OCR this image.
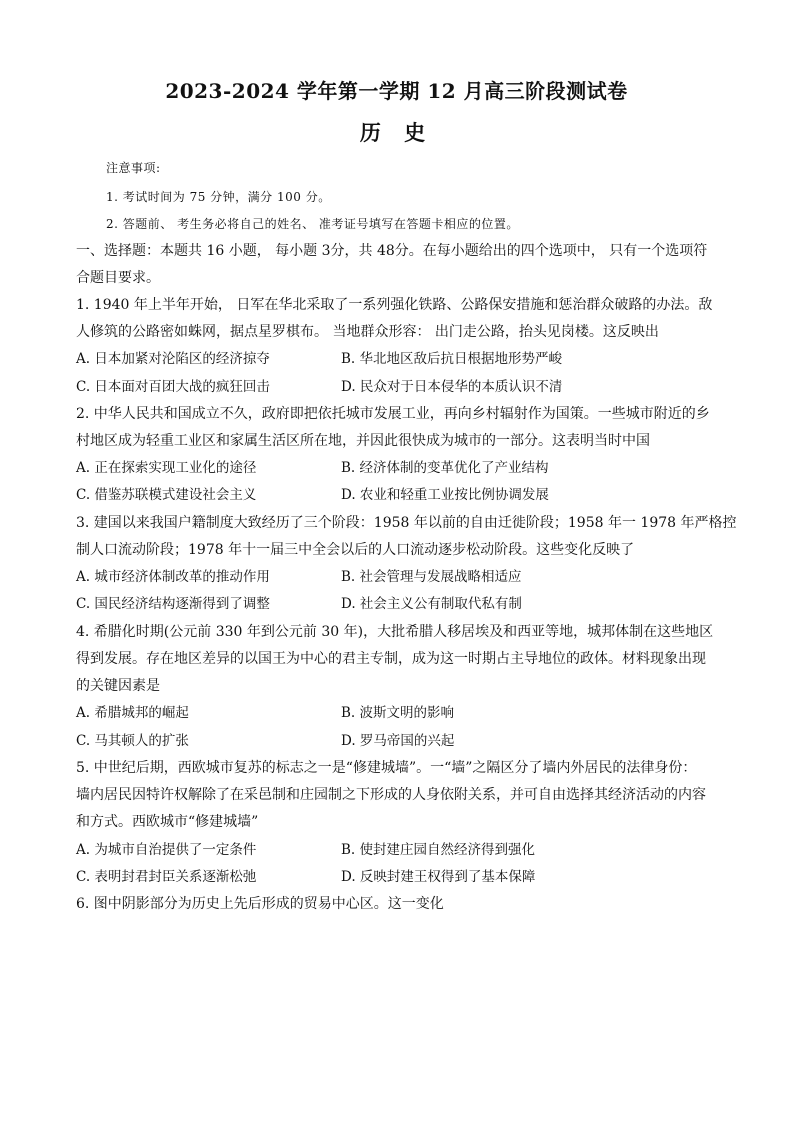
2023-2024 学年第一学期 12 月高三阶段测试卷
历 史
注意事项:
1. 考试时间为 75 分钟，满分 100 分。
2. 答题前、 考生务必将自己的姓名、 准考证号填写在答题卡相应的位置。
一、选择题：本题共 16 小题， 每小题 3分，共 48分。在每小题给出的四个选项中， 只有一个选项符
合题目要求。
1. 1940 年上半年开始， 日军在华北采取了一系列强化铁路、公路保安措施和惩治群众破路的办法。敌
人修筑的公路密如蛛网，据点星罗棋布。 当地群众形容： 出门走公路，抬头见岗楼。这反映出
A. 日本加紧对沦陷区的经济掠夺	B. 华北地区敌后抗日根据地形势严峻
C. 日本面对百团大战的疯狂回击	D. 民众对于日本侵华的本质认识不清
2. 中华人民共和国成立不久，政府即把依托城市发展工业，再向乡村辐射作为国策。一些城市附近的乡
村地区成为轻重工业区和家属生活区所在地，并因此很快成为城市的一部分。这表明当时中国
A. 正在探索实现工业化的途径	B. 经济体制的变革优化了产业结构
C. 借鉴苏联模式建设社会主义	D. 农业和轻重工业按比例协调发展
3. 建国以来我国户籍制度大致经历了三个阶段：1958 年以前的自由迁徙阶段；1958 年一 1978 年严格控
制人口流动阶段；1978 年十一届三中全会以后的人口流动逐步松动阶段。这些变化反映了
A. 城市经济体制改革的推动作用	B. 社会管理与发展战略相适应
C. 国民经济结构逐渐得到了调整	D. 社会主义公有制取代私有制
4. 希腊化时期(公元前 330 年到公元前 30 年)，大批希腊人移居埃及和西亚等地，城邦体制在这些地区
得到发展。存在地区差异的以国王为中心的君主专制，成为这一时期占主导地位的政体。材料现象出现
的关键因素是
A. 希腊城邦的崛起	B. 波斯文明的影响
C. 马其顿人的扩张	D. 罗马帝国的兴起
5. 中世纪后期，西欧城市复苏的标志之一是“修建城墙”。一“墙”之隔区分了墙内外居民的法律身份：
墙内居民因特许权解除了在采邑制和庄园制之下形成的人身依附关系，并可自由选择其经济活动的内容
和方式。西欧城市“修建城墙”
A. 为城市自治提供了一定条件	B. 使封建庄园自然经济得到强化
C. 表明封君封臣关系逐渐松弛	D. 反映封建王权得到了基本保障
6. 图中阴影部分为历史上先后形成的贸易中心区。这一变化
